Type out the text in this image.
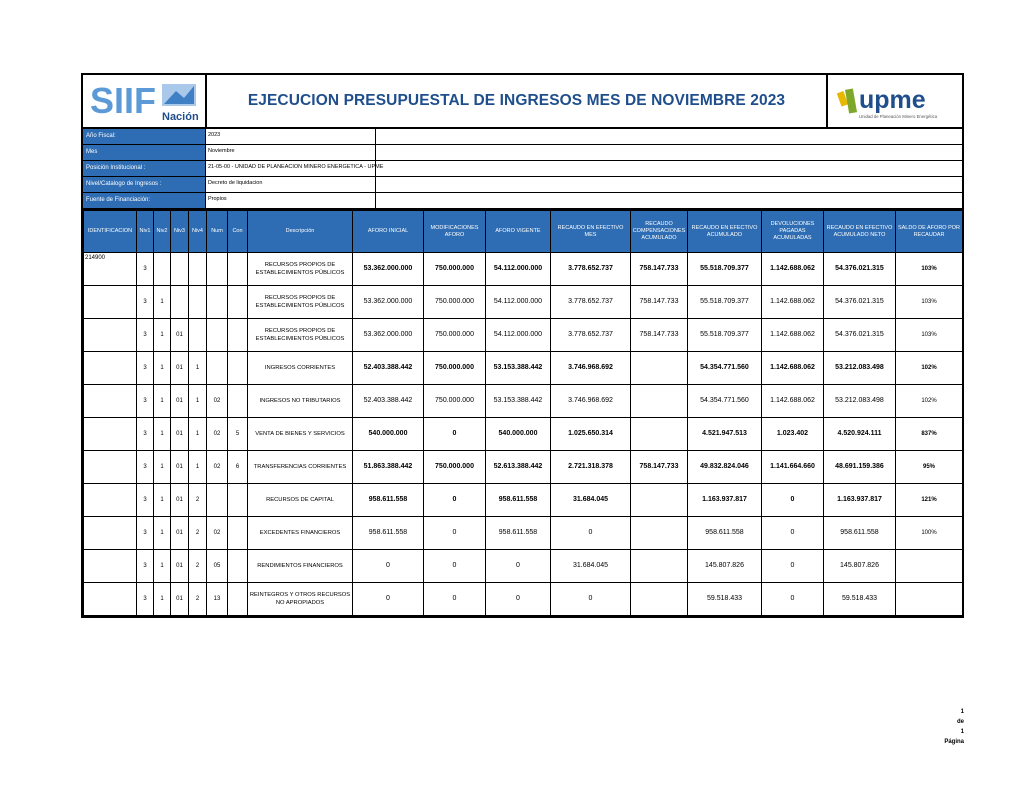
SIIF Nación
EJECUCION PRESUPUESTAL DE INGRESOS MES DE NOVIEMBRE 2023	upme
Unidad de Planeación Minero Energética
Año Fiscal:	2023
Mes	Noviembre
Posición Institucional :	21-05-00 - UNIDAD DE PLANEACION MINERO ENERGETICA - UPME
Nivel/Catalogo de Ingresos :	Decreto de liquidacion
Fuente de Financiación:	Propios
IDENTIFICACION	Niv1	Niv2	Niv3	Niv4	Num	Con	Descripción	AFORO INICIAL	MODIFICACIONES AFORO	AFORO VIGENTE	RECAUDO EN EFECTIVO MES	RECAUDO COMPENSACIONES ACUMULADO	RECAUDO EN EFECTIVO ACUMULADO	DEVOLUCIONES PAGADAS ACUMULADAS	RECAUDO EN EFECTIVO ACUMULADO NETO	SALDO DE AFORO POR RECAUDAR
214900	3						RECURSOS PROPIOS DE ESTABLECIMIENTOS PÚBLICOS	53.362.000.000	750.000.000	54.112.000.000	3.778.652.737	758.147.733	55.518.709.377	1.142.688.062	54.376.021.315	103%
	3	1					RECURSOS PROPIOS DE ESTABLECIMIENTOS PÚBLICOS	53.362.000.000	750.000.000	54.112.000.000	3.778.652.737	758.147.733	55.518.709.377	1.142.688.062	54.376.021.315	103%
	3	1	01				RECURSOS PROPIOS DE ESTABLECIMIENTOS PÚBLICOS	53.362.000.000	750.000.000	54.112.000.000	3.778.652.737	758.147.733	55.518.709.377	1.142.688.062	54.376.021.315	103%
	3	1	01	1			INGRESOS CORRIENTES	52.403.388.442	750.000.000	53.153.388.442	3.746.968.692		54.354.771.560	1.142.688.062	53.212.083.498	102%
	3	1	01	1	02		INGRESOS NO TRIBUTARIOS	52.403.388.442	750.000.000	53.153.388.442	3.746.968.692		54.354.771.560	1.142.688.062	53.212.083.498	102%
	3	1	01	1	02	5	VENTA DE BIENES Y SERVICIOS	540.000.000	0	540.000.000	1.025.650.314		4.521.947.513	1.023.402	4.520.924.111	837%
	3	1	01	1	02	6	TRANSFERENCIAS CORRIENTES	51.863.388.442	750.000.000	52.613.388.442	2.721.318.378	758.147.733	49.832.824.046	1.141.664.660	48.691.159.386	95%
	3	1	01	2			RECURSOS DE CAPITAL	958.611.558	0	958.611.558	31.684.045		1.163.937.817	0	1.163.937.817	121%
	3	1	01	2	02		EXCEDENTES FINANCIEROS	958.611.558	0	958.611.558	0		958.611.558	0	958.611.558	100%
	3	1	01	2	05		RENDIMIENTOS FINANCIEROS	0	0	0	31.684.045		145.807.826	0	145.807.826	
	3	1	01	2	13		REINTEGROS Y OTROS RECURSOS NO APROPIADOS	0	0	0	0		59.518.433	0	59.518.433	
1
de
1
Página
